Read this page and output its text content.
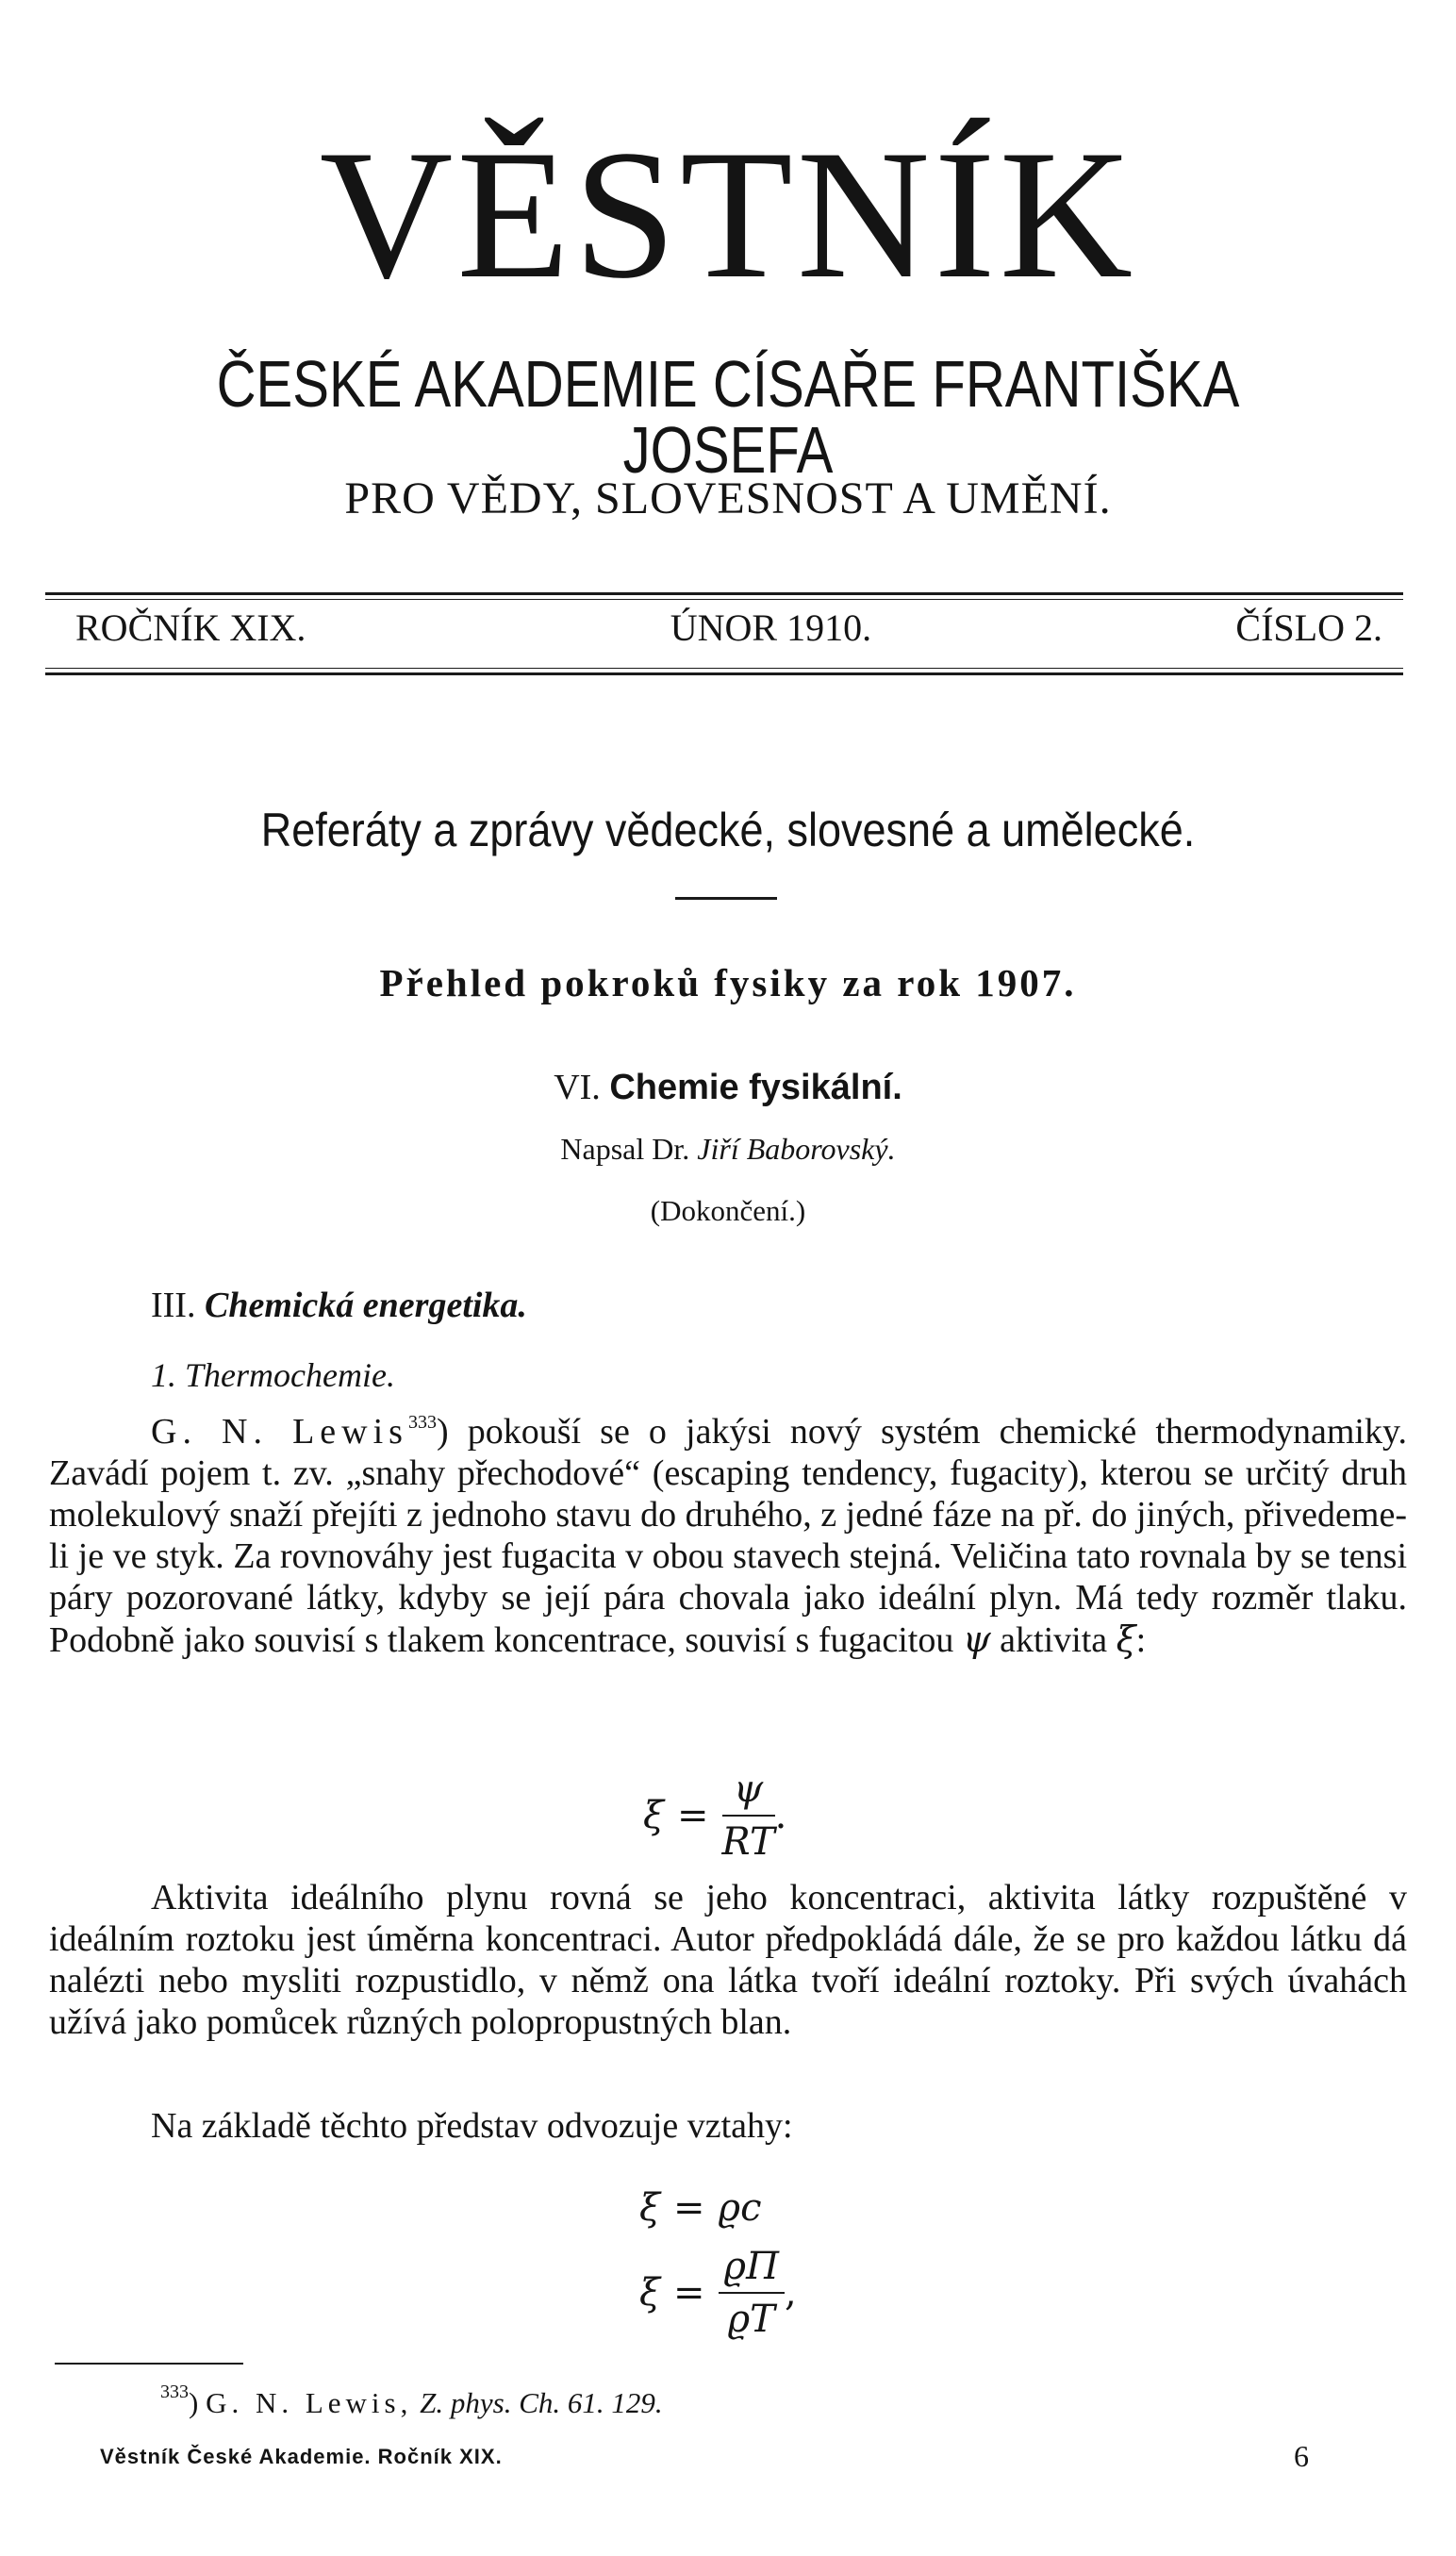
VĚSTNÍK
ČESKÉ AKADEMIE CÍSAŘE FRANTIŠKA JOSEFA
PRO VĚDY, SLOVESNOST A UMĚNÍ.
ROČNÍK XIX.	ÚNOR 1910.	ČÍSLO 2.
Referáty a zprávy vědecké, slovesné a umělecké.
Přehled pokroků fysiky za rok 1907.
VI. Chemie fysikální.
Napsal Dr. Jiří Baborovský.
(Dokončení.)
III. Chemická energetika.
1. Thermochemie.

G. N. Lewis$^{333}$) pokouší se o jakýsi nový systém chemické thermodynamiky. Zavádí pojem t. zv. „snahy přechodové“ (escaping tendency, fugacity), kterou se určitý druh molekulový snaží přejíti z jednoho stavu do druhého, z jedné fáze na př. do jiných, přivedeme-li je ve styk. Za rovnováhy jest fugacita v obou stavech stejná. Veličina tato rovnala by se tensi páry pozorované látky, kdyby se její pára chovala jako ideální plyn. Má tedy rozměr tlaku. Podobně jako souvisí s tlakem koncentrace, souvisí s fugacitou ψ aktivita ξ:

$\xi = \frac{\psi}{RT}$ .

Aktivita ideálního plynu rovná se jeho koncentraci, aktivita látky rozpuštěné v ideálním roztoku jest úměrna koncentraci. Autor předpokládá dále, že se pro každou látku dá nalézti nebo mysliti rozpustidlo, v němž ona látka tvoří ideální roztoky. Při svých úvahách užívá jako pomůcek různých polopropustných blan.

Na základě těchto představ odvozuje vztahy:

ξ = ϱc
$\xi = \frac{ϱ\Pi}{ϱT}$ ,
$^{333}$) G. N. Lewis, Z. phys. Ch. 61. 129.
Věstník České Akademie. Ročník XIX.	6
